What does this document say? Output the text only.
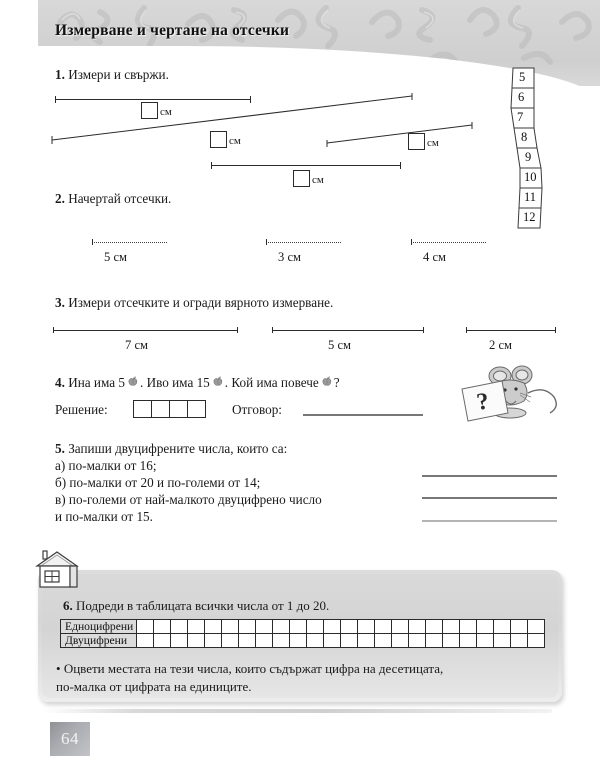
Измерване и чертане на отсечки
1. Измери и свържи.
см
см	см
см
5
6
7
8
9
10
11
12
2. Начертай отсечки.
5 см	3 см	4 см
3. Измери отсечките и огради вярното измерване.
7 см	5 см	2 см
4. Ина има 5 . Иво има 15 . Кой има повече ?
Решение:	Отговор:	?
5. Запиши двуцифрените числа, които са:
а) по-малки от 16;
б) по-малки от 20 и по-големи от 14;
в) по-големи от най-малкото двуцифрено число
и по-малки от 15.
6. Подреди в таблицата всички числа от 1 до 20.
Едноцифрени																								
Двуцифрени																								
• Оцвети местата на тези числа, които съдържат цифра на десетицата,
по-малка от цифрата на единиците.
64
